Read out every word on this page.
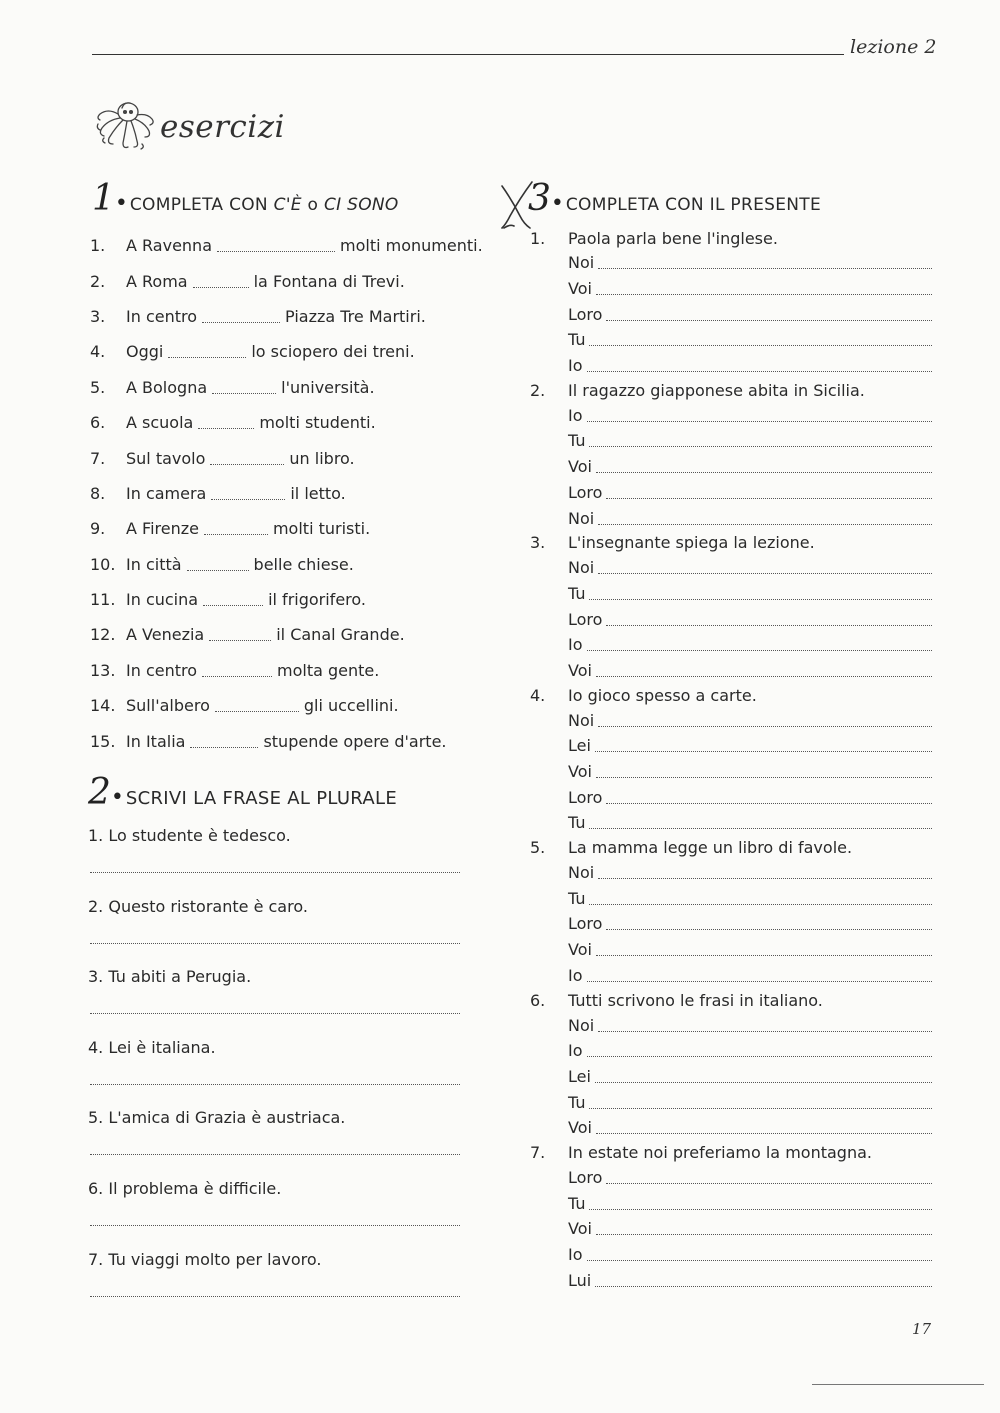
lezione 2
esercizi
1 • COMPLETA CON C'È o CI SONO
1.	A Ravenna	molti monumenti.
2.	A Roma	la Fontana di Trevi.
3.	In centro	Piazza Tre Martiri.
4.	Oggi	lo sciopero dei treni.
5.	A Bologna	l'università.
6.	A scuola	molti studenti.
7.	Sul tavolo	un libro.
8.	In camera	il letto.
9.	A Firenze	molti turisti.
10. In città	belle chiese.
11. In cucina	il frigorifero.
12. A Venezia	il Canal Grande.
13. In centro	molta gente.
14. Sull'albero	gli uccellini.
15. In Italia	stupende opere d'arte.
2 • SCRIVI LA FRASE AL PLURALE
1. Lo studente è tedesco.
2. Questo ristorante è caro.
3. Tu abiti a Perugia.
4. Lei è italiana.
5. L'amica di Grazia è austriaca.
6. Il problema è difficile.
7. Tu viaggi molto per lavoro.
3 • COMPLETA CON IL PRESENTE
1.	Paola parla bene l'inglese.
Noi
Voi
Loro
Tu
Io
2.	Il ragazzo giapponese abita in Sicilia.
Io
Tu
Voi
Loro
Noi
3.	L'insegnante spiega la lezione.
Noi
Tu
Loro
Io
Voi
4.	Io gioco spesso a carte.
Noi
Lei
Voi
Loro
Tu
5.	La mamma legge un libro di favole.
Noi
Tu
Loro
Voi
Io
6.	Tutti scrivono le frasi in italiano.
Noi
Io
Lei
Tu
Voi
7.	In estate noi preferiamo la montagna.
Loro
Tu
Voi
Io
Lui
17
